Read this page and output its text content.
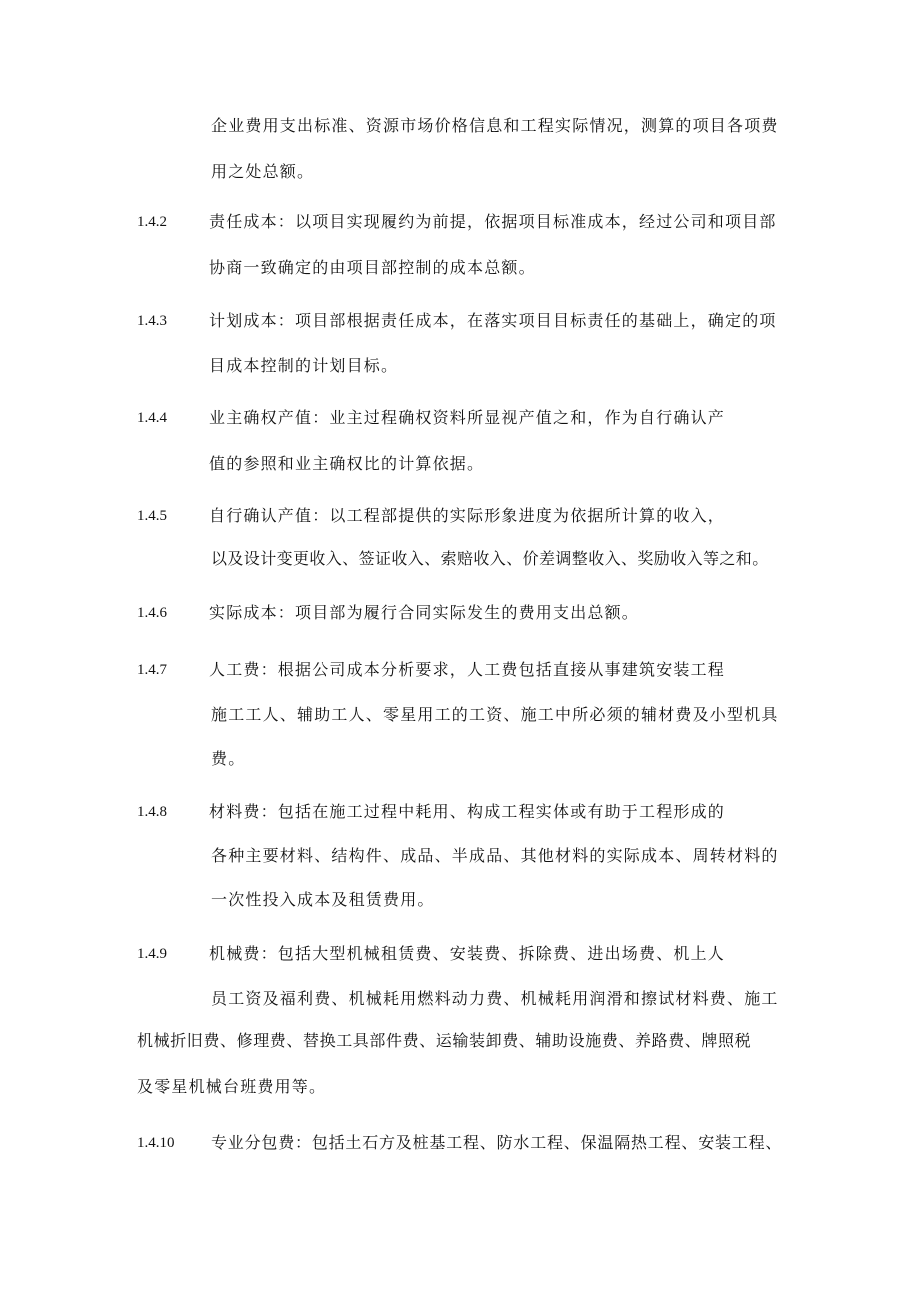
企业费用支出标准、资源市场价格信息和工程实际情况，测算的项目各项费
用之处总额。
1.4.2	责任成本：以项目实现履约为前提，依据项目标准成本，经过公司和项目部
协商一致确定的由项目部控制的成本总额。
1.4.3	计划成本：项目部根据责任成本，在落实项目目标责任的基础上，确定的项
目成本控制的计划目标。
1.4.4	业主确权产值：业主过程确权资料所显视产值之和，作为自行确认产
值的参照和业主确权比的计算依据。
1.4.5	自行确认产值：以工程部提供的实际形象进度为依据所计算的收入，
以及设计变更收入、签证收入、索赔收入、价差调整收入、奖励收入等之和。
1.4.6	实际成本：项目部为履行合同实际发生的费用支出总额。
1.4.7	人工费：根据公司成本分析要求，人工费包括直接从事建筑安装工程
施工工人、辅助工人、零星用工的工资、施工中所必须的辅材费及小型机具
费。
1.4.8	材料费：包括在施工过程中耗用、构成工程实体或有助于工程形成的
各种主要材料、结构件、成品、半成品、其他材料的实际成本、周转材料的
一次性投入成本及租赁费用。
1.4.9	机械费：包括大型机械租赁费、安装费、拆除费、进出场费、机上人
员工资及福利费、机械耗用燃料动力费、机械耗用润滑和擦试材料费、施工
机械折旧费、修理费、替换工具部件费、运输装卸费、辅助设施费、养路费、牌照税
及零星机械台班费用等。
1.4.10 专业分包费：包括土石方及桩基工程、防水工程、保温隔热工程、安装工程、
